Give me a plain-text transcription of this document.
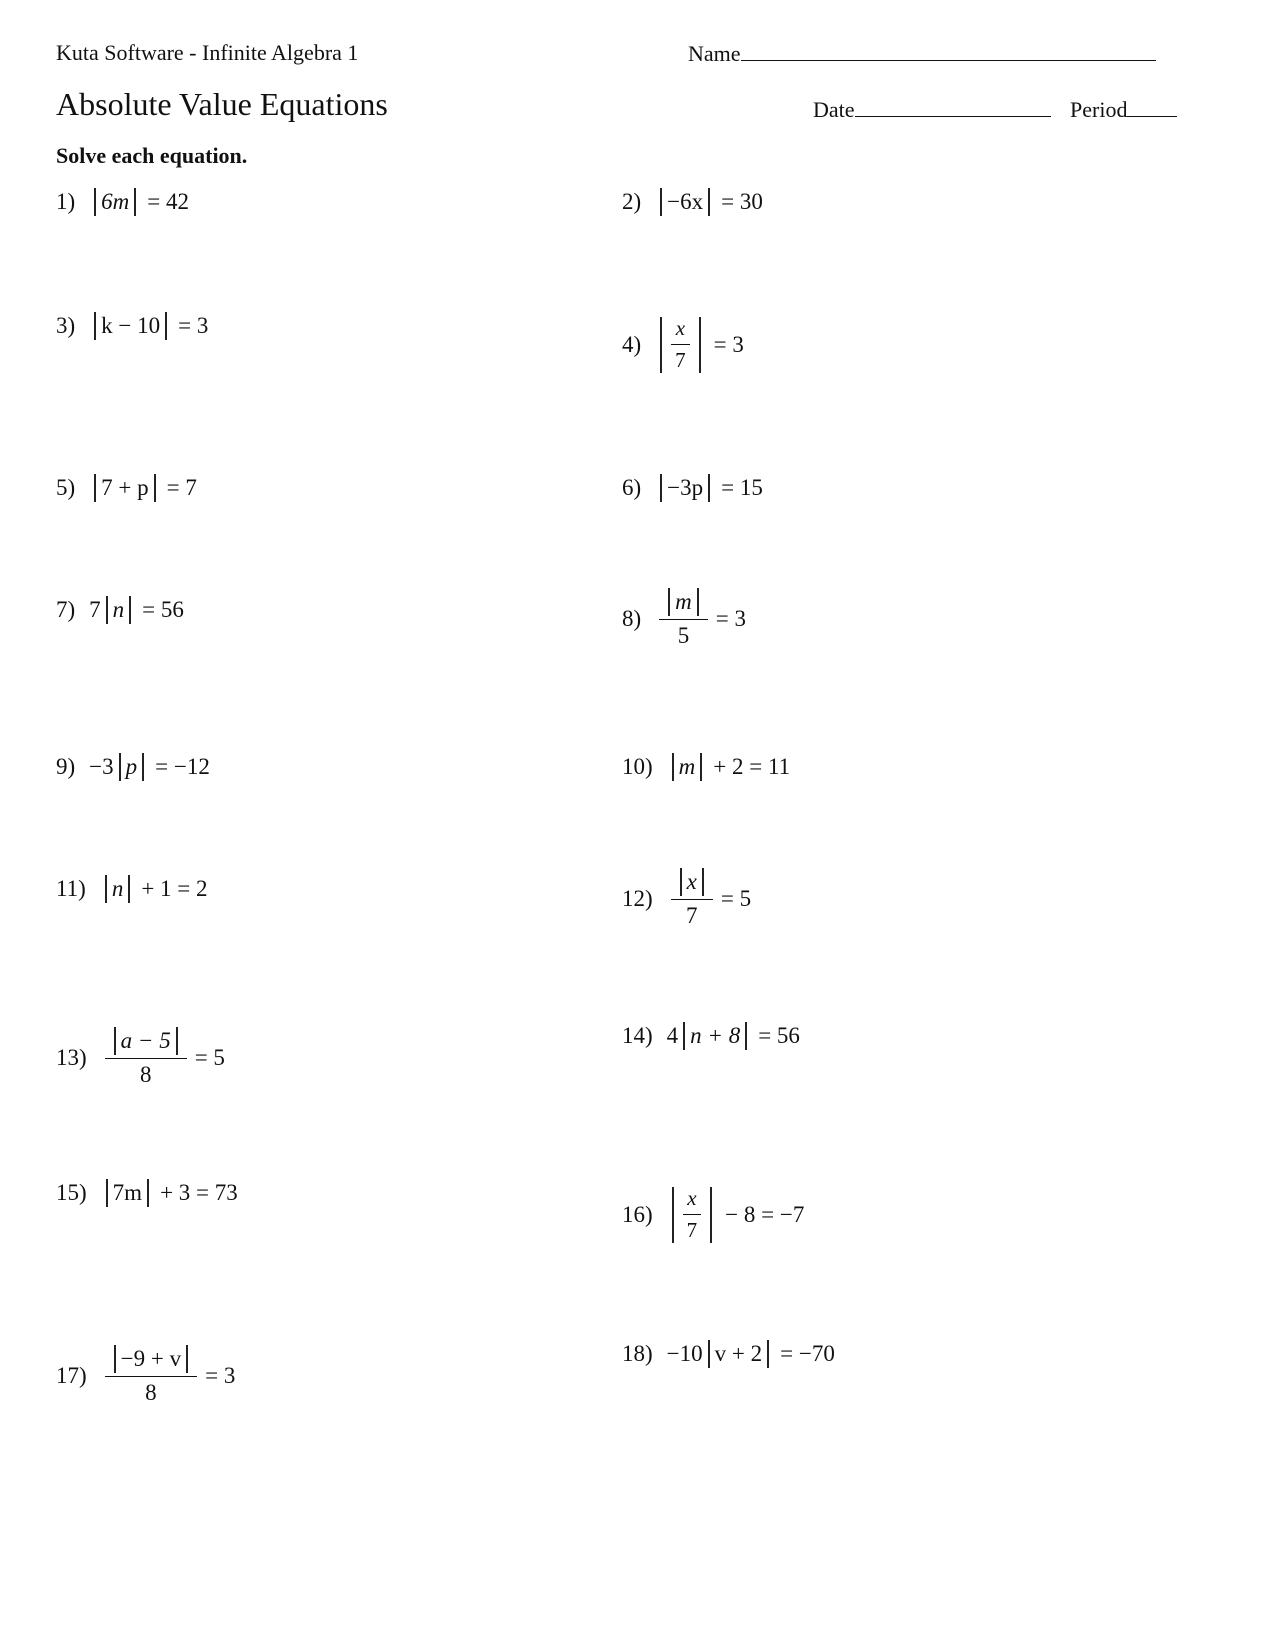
Kuta Software - Infinite Algebra 1	Name
Absolute Value Equations	Date	Period
Solve each equation.
1) 6m = 42	2) −6x = 30
3) k − 10 = 3
$4) \frac{x}{7} = 3$
5) 7 + p = 7	6) −3p = 15
7) 7 n = 56	$8) \frac{m}{5} = 3$
9) −3 p = −12	10) m + 2 = 11
11) n + 1 = 2	$12) \frac{x}{7} = 5$
$13) \frac{a - 5}{8} = 5$
14) 4 n + 8 = 56
15) 7m + 3 = 73
$16) \frac{x}{7} - 8 = -7$
$17) \frac{-9 + v}{8} = 3$
18) −10 v + 2 = −70
